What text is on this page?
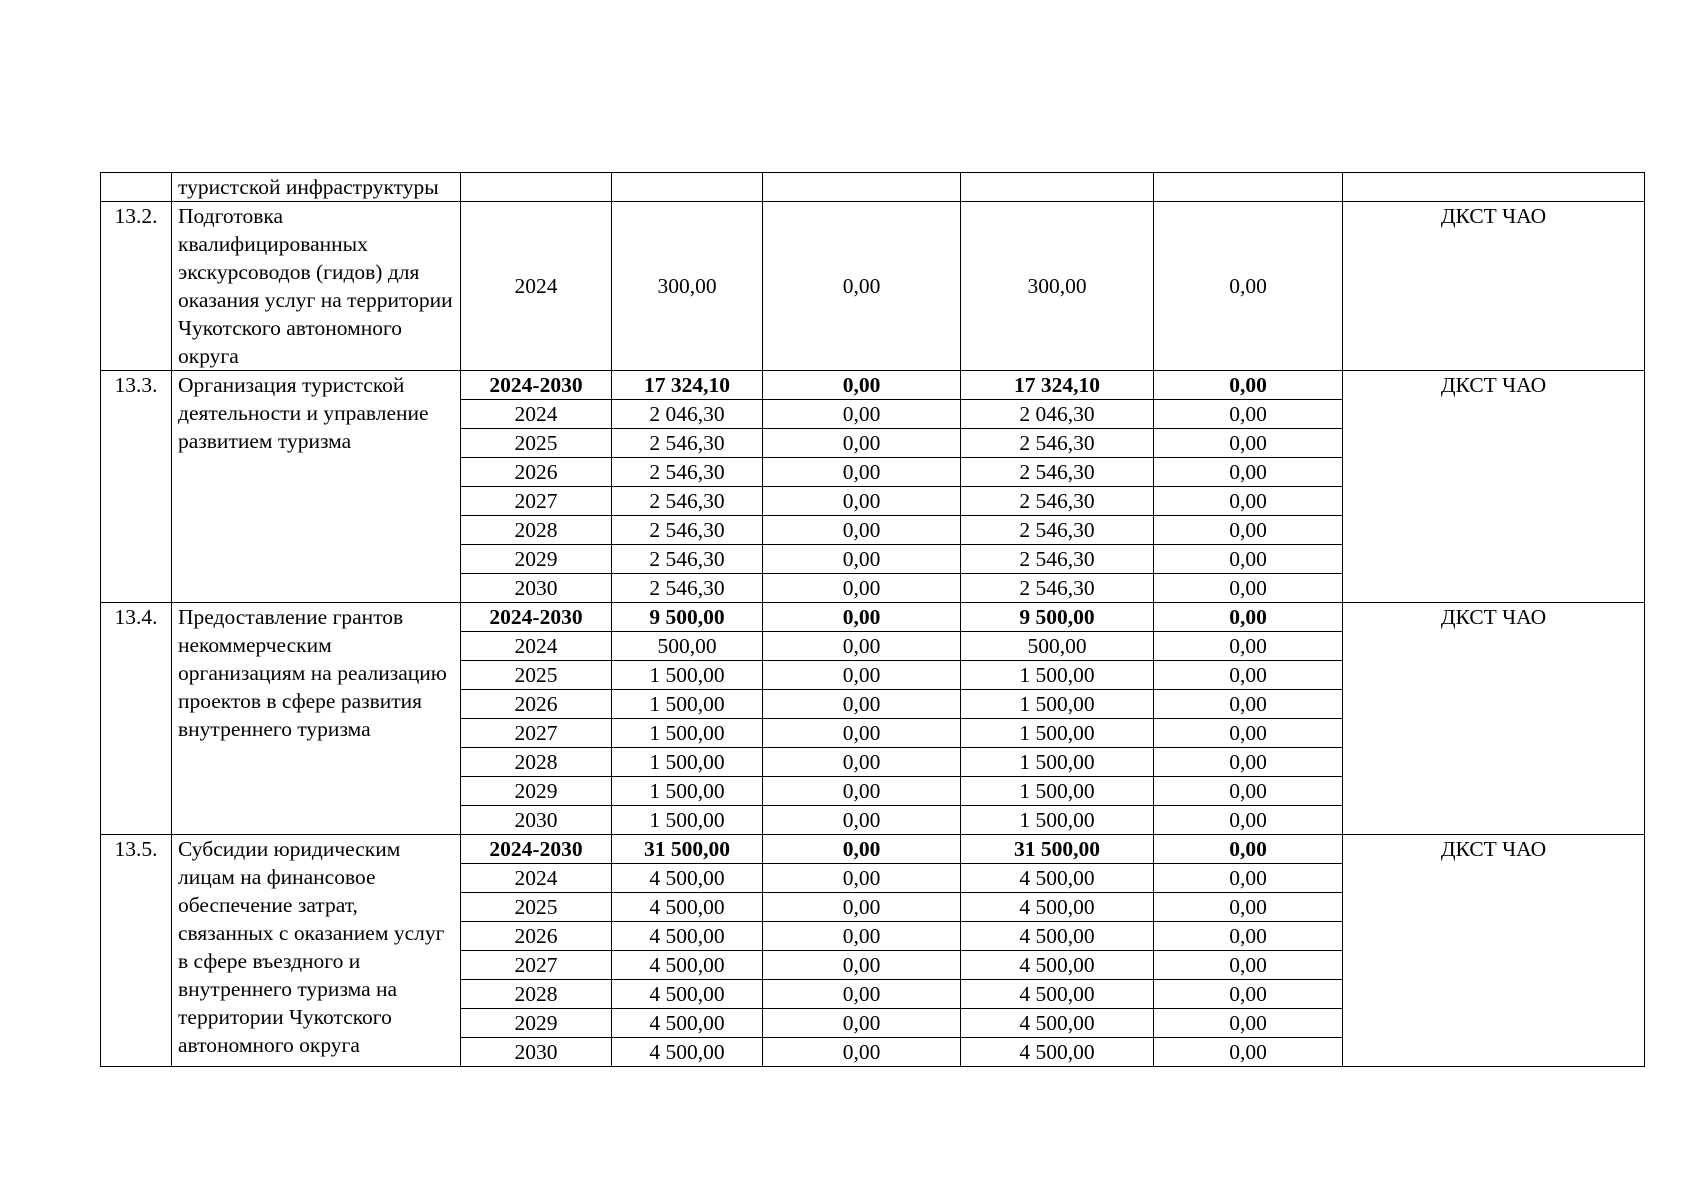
	туристской инфраструктуры						
13.2.	Подготовка квалифицированных экскурсоводов (гидов) для оказания услуг на территории Чукотского автономного округа	2024	300,00	0,00	300,00	0,00	ДКСТ ЧАО
13.3.	Организация туристской деятельности и управление развитием туризма	2024-2030	17 324,10	0,00	17 324,10	0,00	ДКСТ ЧАО
		2024	2 046,30	0,00	2 046,30	0,00	
		2025	2 546,30	0,00	2 546,30	0,00	
		2026	2 546,30	0,00	2 546,30	0,00	
		2027	2 546,30	0,00	2 546,30	0,00	
		2028	2 546,30	0,00	2 546,30	0,00	
		2029	2 546,30	0,00	2 546,30	0,00	
		2030	2 546,30	0,00	2 546,30	0,00	
13.4.	Предоставление грантов некоммерческим организациям на реализацию проектов в сфере развития внутреннего туризма	2024-2030	9 500,00	0,00	9 500,00	0,00	ДКСТ ЧАО
		2024	500,00	0,00	500,00	0,00	
		2025	1 500,00	0,00	1 500,00	0,00	
		2026	1 500,00	0,00	1 500,00	0,00	
		2027	1 500,00	0,00	1 500,00	0,00	
		2028	1 500,00	0,00	1 500,00	0,00	
		2029	1 500,00	0,00	1 500,00	0,00	
		2030	1 500,00	0,00	1 500,00	0,00	
13.5.	Субсидии юридическим лицам на финансовое обеспечение затрат, связанных с оказанием услуг в сфере въездного и внутреннего туризма на территории Чукотского автономного округа	2024-2030	31 500,00	0,00	31 500,00	0,00	ДКСТ ЧАО
		2024	4 500,00	0,00	4 500,00	0,00	
		2025	4 500,00	0,00	4 500,00	0,00	
		2026	4 500,00	0,00	4 500,00	0,00	
		2027	4 500,00	0,00	4 500,00	0,00	
		2028	4 500,00	0,00	4 500,00	0,00	
		2029	4 500,00	0,00	4 500,00	0,00	
		2030	4 500,00	0,00	4 500,00	0,00	
